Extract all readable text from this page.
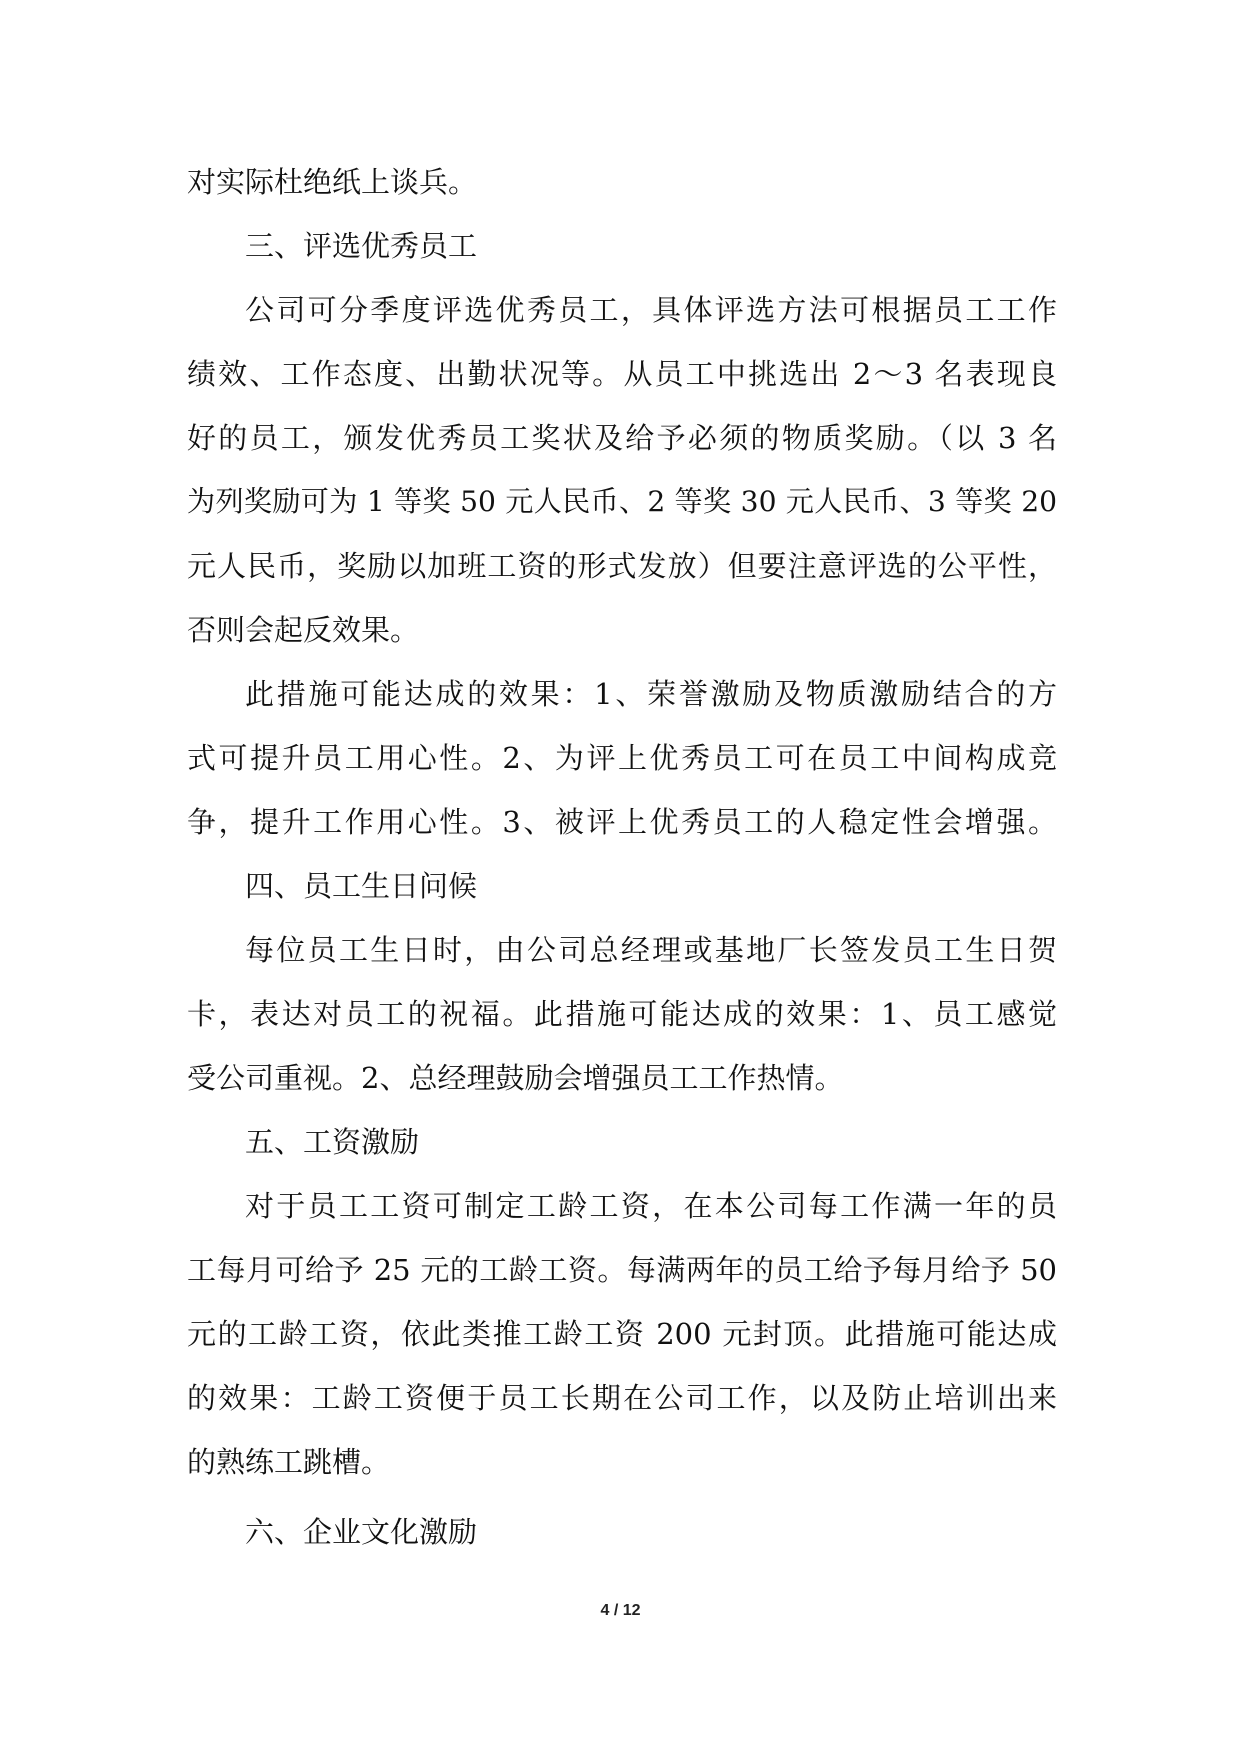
对实际杜绝纸上谈兵。
三、评选优秀员工
公司可分季度评选优秀员工，具体评选方法可根据员工工作
绩效、工作态度、出勤状况等。从员工中挑选出 2～3 名表现良
好的员工，颁发优秀员工奖状及给予必须的物质奖励。（以 3 名
为列奖励可为 1 等奖 50 元人民币、2 等奖 30 元人民币、3 等奖 20
元人民币，奖励以加班工资的形式发放）但要注意评选的公平性，
否则会起反效果。
此措施可能达成的效果：1、荣誉激励及物质激励结合的方
式可提升员工用心性。2、为评上优秀员工可在员工中间构成竞
争，提升工作用心性。3、被评上优秀员工的人稳定性会增强。
四、员工生日问候
每位员工生日时，由公司总经理或基地厂长签发员工生日贺
卡，表达对员工的祝福。此措施可能达成的效果：1、员工感觉
受公司重视。2、总经理鼓励会增强员工工作热情。
五、工资激励
对于员工工资可制定工龄工资，在本公司每工作满一年的员
工每月可给予 25 元的工龄工资。每满两年的员工给予每月给予 50
元的工龄工资，依此类推工龄工资 200 元封顶。此措施可能达成
的效果：工龄工资便于员工长期在公司工作，以及防止培训出来
的熟练工跳槽。
六、企业文化激励
4 / 12
